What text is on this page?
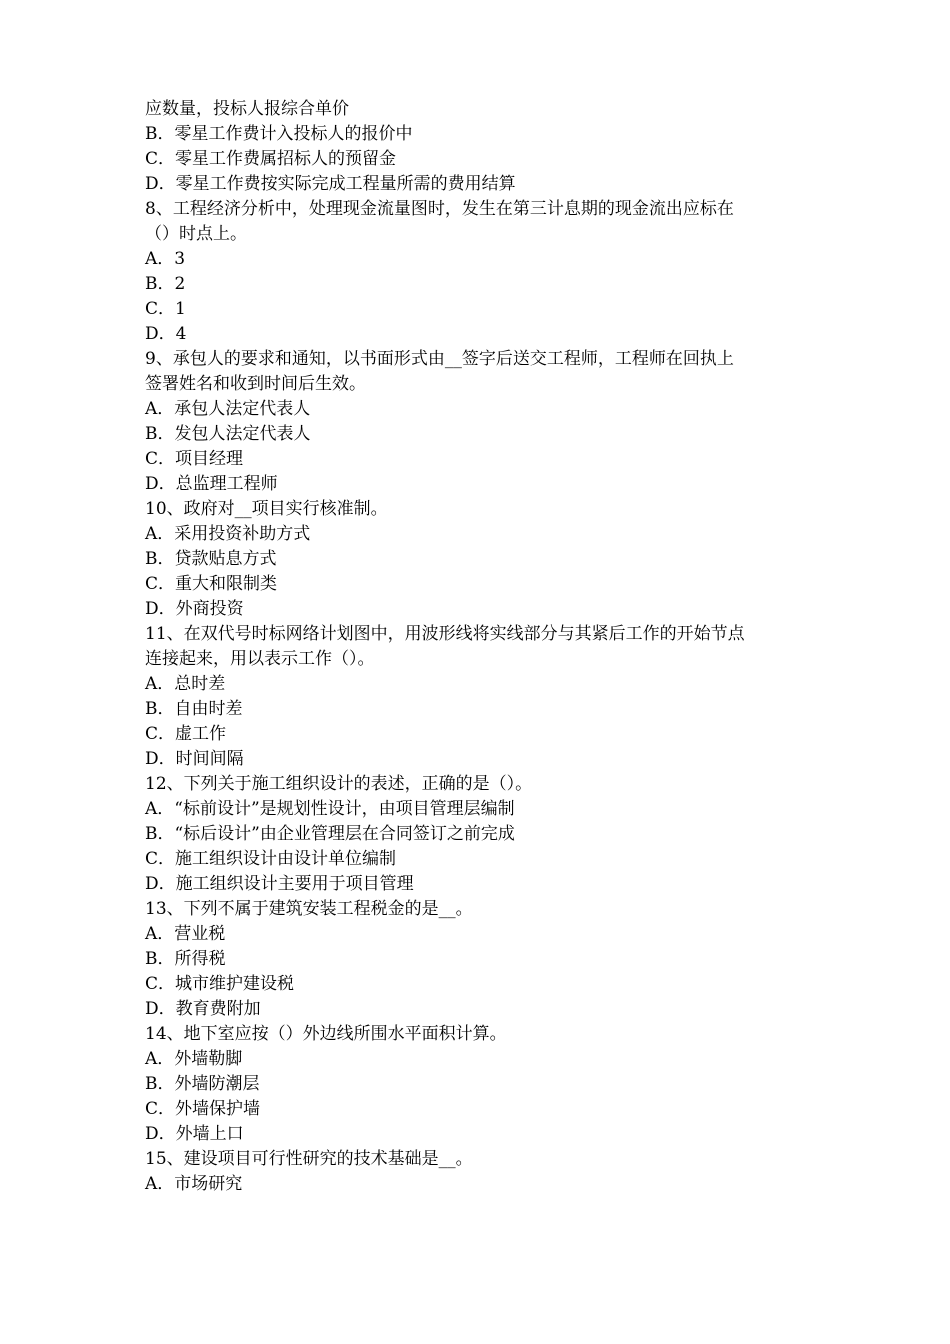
应数量，投标人报综合单价
B．零星工作费计入投标人的报价中
C．零星工作费属招标人的预留金
D．零星工作费按实际完成工程量所需的费用结算
8、工程经济分析中，处理现金流量图时，发生在第三计息期的现金流出应标在
（）时点上。
A．3
B．2
C．1
D．4
9、承包人的要求和通知，以书面形式由__签字后送交工程师，工程师在回执上
签署姓名和收到时间后生效。
A．承包人法定代表人
B．发包人法定代表人
C．项目经理
D．总监理工程师
10、政府对__项目实行核准制。
A．采用投资补助方式
B．贷款贴息方式
C．重大和限制类
D．外商投资
11、在双代号时标网络计划图中，用波形线将实线部分与其紧后工作的开始节点
连接起来，用以表示工作（）。
A．总时差
B．自由时差
C．虚工作
D．时间间隔
12、下列关于施工组织设计的表述，正确的是（）。
A．“标前设计”是规划性设计，由项目管理层编制
B．“标后设计”由企业管理层在合同签订之前完成
C．施工组织设计由设计单位编制
D．施工组织设计主要用于项目管理
13、下列不属于建筑安装工程税金的是__。
A．营业税
B．所得税
C．城市维护建设税
D．教育费附加
14、地下室应按（）外边线所围水平面积计算。
A．外墙勒脚
B．外墙防潮层
C．外墙保护墙
D．外墙上口
15、建设项目可行性研究的技术基础是__。
A．市场研究
